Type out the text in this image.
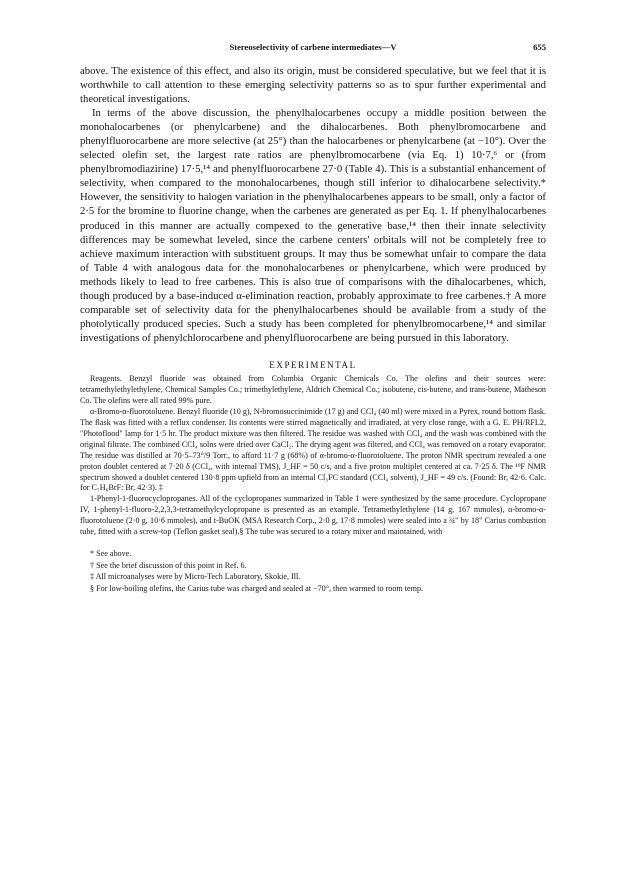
Stereoselectivity of carbene intermediates—V	655

above. The existence of this effect, and also its origin, must be considered speculative, but we feel that it is worthwhile to call attention to these emerging selectivity patterns so as to spur further experimental and theoretical investigations.

In terms of the above discussion, the phenylhalocarbenes occupy a middle position between the monohalocarbenes (or phenylcarbene) and the dihalocarbenes. Both phenylbromocarbene and phenylfluorocarbene are more selective (at 25°) than the halocarbenes or phenylcarbene (at −10°). Over the selected olefin set, the largest rate ratios are phenylbromocarbene (via Eq. 1) 10·7,⁶ or (from phenylbromodiazirine) 17·5,¹⁴ and phenylfluorocarbene 27·0 (Table 4). This is a substantial enhancement of selectivity, when compared to the monohalocarbenes, though still inferior to dihalocarbene selectivity.* However, the sensitivity to halogen variation in the phenylhalocarbenes appears to be small, only a factor of 2·5 for the bromine to fluorine change, when the carbenes are generated as per Eq. 1. If phenylhalocarbenes produced in this manner are actually compexed to the generative base,¹⁴ then their innate selectivity differences may be somewhat leveled, since the carbene centers' orbitals will not be completely free to achieve maximum interaction with substituent groups. It may thus be somewhat unfair to compare the data of Table 4 with analogous data for the monohalocarbenes or phenylcarbene, which were produced by methods likely to lead to free carbenes. This is also true of comparisons with the dihalocarbenes, which, though produced by a base-induced α-elimination reaction, probably approximate to free carbenes.† A more comparable set of selectivity data for the phenylhalocarbenes should be available from a study of the photolytically produced species. Such a study has been completed for phenylbromocarbene,¹⁴ and similar investigations of phenylchlorocarbene and phenylfluorocarbene are being pursued in this laboratory.

EXPERIMENTAL

Reagents. Benzyl fluoride was obtained from Columbia Organic Chemicals Co. The olefins and their sources were: tetramethylethylethylene, Chemical Samples Co.; trimethylethylene, Aldrich Chemical Co.; isobutene, cis-butene, and trans-butene, Matheson Co. The olefins were all rated 99% pure.

α-Bromo-α-fluorotoluene. Benzyl fluoride (10 g), N-bromosuccinimide (17 g) and CCl₄ (40 ml) were mixed in a Pyrex, round bottom flask. The flask was fitted with a reflux condenser. Its contents were stirred magnetically and irradiated, at very close range, with a G. E. PH/RFL2, "Photoflood" lamp for 1·5 hr. The product mixture was then filtered. The residue was washed with CCl₄ and the wash was combined with the original filtrate. The combined CCl₄ solns were dried over CaCl₂. The drying agent was filtered, and CCl₄ was removed on a rotary evaporator. The residue was distilled at 70·5–73°/9 Torr., to afford 11·7 g (68%) of α-bromo-α-fluorotoluene. The proton NMR spectrum revealed a one proton doublet centered at 7·20 δ (CCl₄, with internal TMS), J_HF = 50 c/s, and a five proton multiplet centered at ca. 7·25 δ. The ¹⁹F NMR spectrum showed a doublet centered 130·8 ppm upfield from an internal Cl₃FC standard (CCl₄ solvent), J_HF = 49 c/s. (Found: Br, 42·6. Calc. for C₇H₆BrF: Br, 42·3). ‡

1-Phenyl-1-fluorocyclopropanes. All of the cyclopropanes summarized in Table 1 were synthesized by the same procedure. Cyclopropane IV, 1-phenyl-1-fluoro-2,2,3,3-tetramethylcyclopropane is presented as an example. Tetramethylethylene (14 g, 167 mmoles), α-bromo-α-fluorotoluene (2·0 g, 10·6 mmoles), and t-BuOK (MSA Research Corp., 2·0 g, 17·8 mmoles) were sealed into a ¾" by 18" Carius combustion tube, fitted with a screw-top (Teflon gasket seal).§ The tube was secured to a rotary mixer and maintained, with

* See above.
† See the brief discussion of this point in Ref. 6.
‡ All microanalyses were by Micro-Tech Laboratory, Skokie, Ill.
§ For low-boiling olefins, the Carius tube was charged and sealed at −70°, then warmed to room temp.
